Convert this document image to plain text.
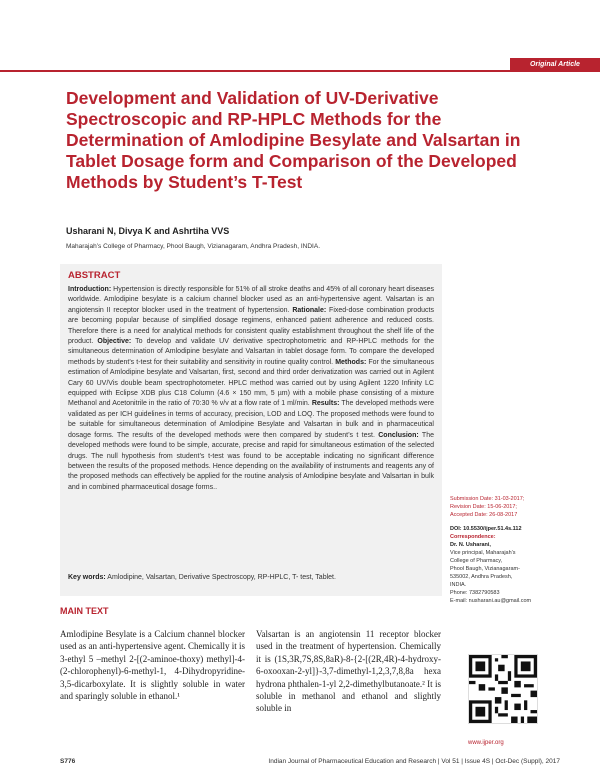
Original Article
Development and Validation of UV-Derivative Spectroscopic and RP-HPLC Methods for the Determination of Amlodipine Besylate and Valsartan in Tablet Dosage form and Comparison of the Developed Methods by Student’s T-Test
Usharani N, Divya K and Ashrtiha VVS
Maharajah’s College of Pharmacy, Phool Baugh, Vizianagaram, Andhra Pradesh, INDIA.
ABSTRACT

Introduction: Hypertension is directly responsible for 51% of all stroke deaths and 45% of all coronary heart diseases worldwide. Amlodipine besylate is a calcium channel blocker used as an anti-hypertensive agent. Valsartan is an angiotensin II receptor blocker used in the treatment of hypertension. Rationale: Fixed-dose combination products are becoming popular because of simplified dosage regimens, enhanced patient adherence and reduced costs. Therefore there is a need for analytical methods for consistent quality establishment throughout the shelf life of the product. Objective: To develop and validate UV derivative spectrophotometric and RP-HPLC methods for the simultaneous determination of Amlodipine besylate and Valsartan in tablet dosage form. To compare the developed methods by student's t-test for their suitability and sensitivity in routine quality control. Methods: For the simultaneous estimation of Amlodipine besylate and Valsartan, first, second and third order derivatization was carried out in Agilent Cary 60 UV/Vis double beam spectrophotometer. HPLC method was carried out by using Agilent 1220 Infinity LC equipped with Eclipse XDB plus C18 Column (4.6 × 150 mm, 5 µm) with a mobile phase consisting of a mixture Methanol and Acetonitrile in the ratio of 70:30 % v/v at a flow rate of 1 ml/min. Results: The developed methods were validated as per ICH guidelines in terms of accuracy, precision, LOD and LOQ. The proposed methods were found to be suitable for simultaneous determination of Amlodipine Besylate and Valsartan in bulk and in pharmaceutical dosage forms. The results of the developed methods were then compared by student’s t test. Conclusion: The developed methods were found to be simple, accurate, precise and rapid for simultaneous estimation of the selected drugs. The null hypothesis from student’s t-test was found to be acceptable indicating no significant difference between the results of the proposed methods. Hence depending on the availability of instruments and reagents any of the proposed methods can effectively be applied for the routine analysis of Amlodipine besylate and Valsartan in bulk and in combined pharmaceutical dosage forms..

Key words: Amlodipine, Valsartan, Derivative Spectroscopy, RP-HPLC, T- test, Tablet.

Submission Date: 31-03-2017;
Revision Date: 15-06-2017;
Accepted Date: 26-08-2017
DOI: 10.5530/ijper.51.4s.112
Correspondence:
Dr. N. Usharani,
Vice principal, Maharajah’s
College of Pharmacy,
Phool Baugh, Vizianagaram-
535002, Andhra Pradesh,
INDIA.
Phone: 7382790583
E-mail: nusharani.au@gmail.com
MAIN TEXT

Amlodipine Besylate is a Calcium channel blocker used as an anti-hypertensive agent. Chemically it is 3-ethyl 5 –methyl 2-[(2-aminoe-thoxy) methyl]-4-(2-chlorophenyl)-6-methyl-1, 4-Dihydropyridine-3,5-dicarboxylate. It is slightly soluble in water and sparingly soluble in ethanol.¹

Valsartan is an angiotensin 11 receptor blocker used in the treatment of hypertension. Chemically it is (1S,3R,7S,8S,8aR)-8-{2-[(2R,4R)-4-hydroxy-6-oxooxan-2-yl]}-3,7-dimethyl-1,2,3,7,8,8a hexa hydrona phthalen-1-yl 2,2-dimethylbutanoate.² It is soluble in methanol and ethanol and slightly soluble in

www.ijper.org
S776	Indian Journal of Pharmaceutical Education and Research | Vol 51 | Issue 4S | Oct-Dec (Suppl), 2017
